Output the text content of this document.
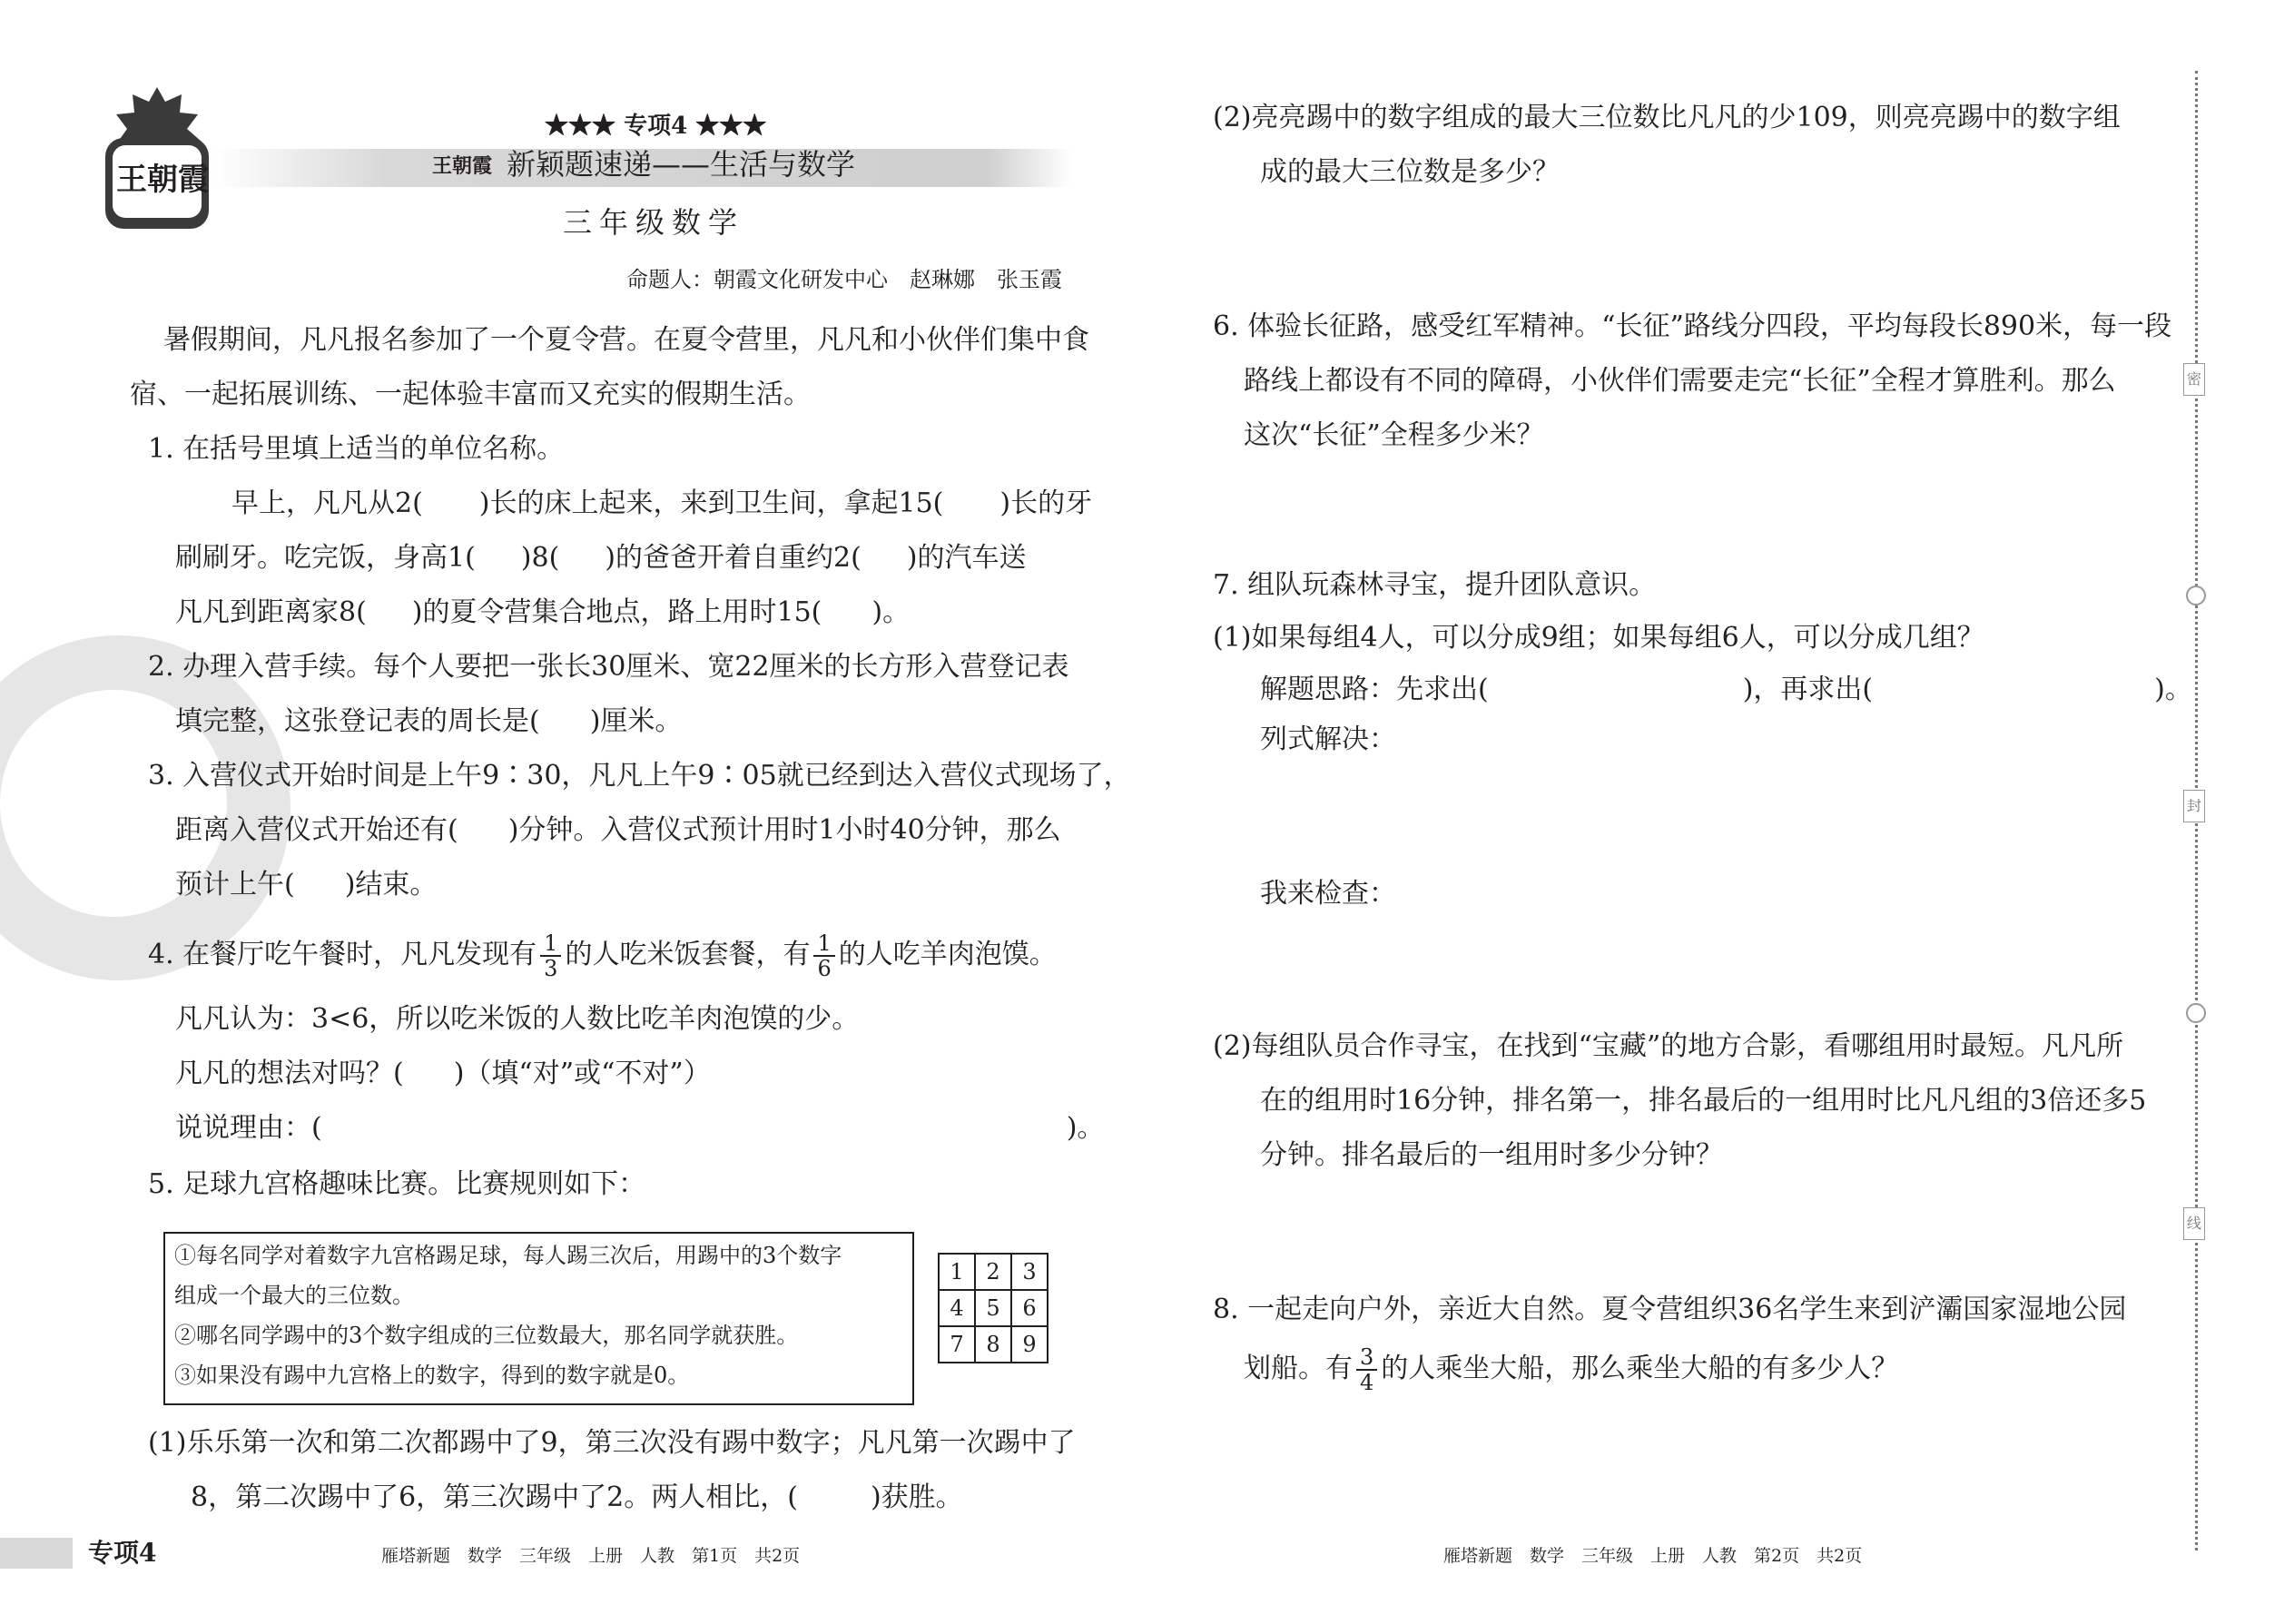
王朝霞
★★★ 专项4 ★★★
王朝霞 新颖题速递——生活与数学
三年级数学
命题人：朝霞文化研发中心　赵琳娜　张玉霞
暑假期间，凡凡报名参加了一个夏令营。在夏令营里，凡凡和小伙伴们集中食
宿、一起拓展训练、一起体验丰富而又充实的假期生活。
1. 在括号里填上适当的单位名称。
早上，凡凡从2( )长的床上起来，来到卫生间，拿起15( )长的牙
刷刷牙。吃完饭，身高1( )8( )的爸爸开着自重约2( )的汽车送
凡凡到距离家8( )的夏令营集合地点，路上用时15( )。
2. 办理入营手续。每个人要把一张长30厘米、宽22厘米的长方形入营登记表
填完整，这张登记表的周长是( )厘米。
3. 入营仪式开始时间是上午9∶30，凡凡上午9∶05就已经到达入营仪式现场了，
距离入营仪式开始还有( )分钟。入营仪式预计用时1小时40分钟，那么
预计上午( )结束。
4. 在餐厅吃午餐时，凡凡发现有 $\frac{1}{3}$ 的人吃米饭套餐，有 $\frac{1}{6}$ 的人吃羊肉泡馍。
凡凡认为：3<6，所以吃米饭的人数比吃羊肉泡馍的少。
凡凡的想法对吗？( )（填“对”或“不对”）
说说理由：(	)。
5. 足球九宫格趣味比赛。比赛规则如下：
①每名同学对着数字九宫格踢足球，每人踢三次后，用踢中的3个数字
组成一个最大的三位数。
②哪名同学踢中的3个数字组成的三位数最大，那名同学就获胜。
③如果没有踢中九宫格上的数字，得到的数字就是0。
1	2	3
4	5	6
7	8	9
(1)乐乐第一次和第二次都踢中了9，第三次没有踢中数字；凡凡第一次踢中了
8，第二次踢中了6，第三次踢中了2。两人相比，(	)获胜。
专项4	雁塔新题　数学　三年级　上册　人教　第1页　共2页
(2)亮亮踢中的数字组成的最大三位数比凡凡的少109，则亮亮踢中的数字组
成的最大三位数是多少？
6. 体验长征路，感受红军精神。“长征”路线分四段，平均每段长890米，每一段
路线上都设有不同的障碍，小伙伴们需要走完“长征”全程才算胜利。那么
这次“长征”全程多少米？
7. 组队玩森林寻宝，提升团队意识。
(1)如果每组4人，可以分成9组；如果每组6人，可以分成几组？
解题思路：先求出(	)，再求出(	)。
列式解决：
我来检查：
(2)每组队员合作寻宝，在找到“宝藏”的地方合影，看哪组用时最短。凡凡所
在的组用时16分钟，排名第一，排名最后的一组用时比凡凡组的3倍还多5
分钟。排名最后的一组用时多少分钟？
8. 一起走向户外，亲近大自然。夏令营组织36名学生来到浐灞国家湿地公园
划船。有 $\frac{3}{4}$ 的人乘坐大船，那么乘坐大船的有多少人？
雁塔新题　数学　三年级　上册　人教　第2页　共2页
密
封
线
